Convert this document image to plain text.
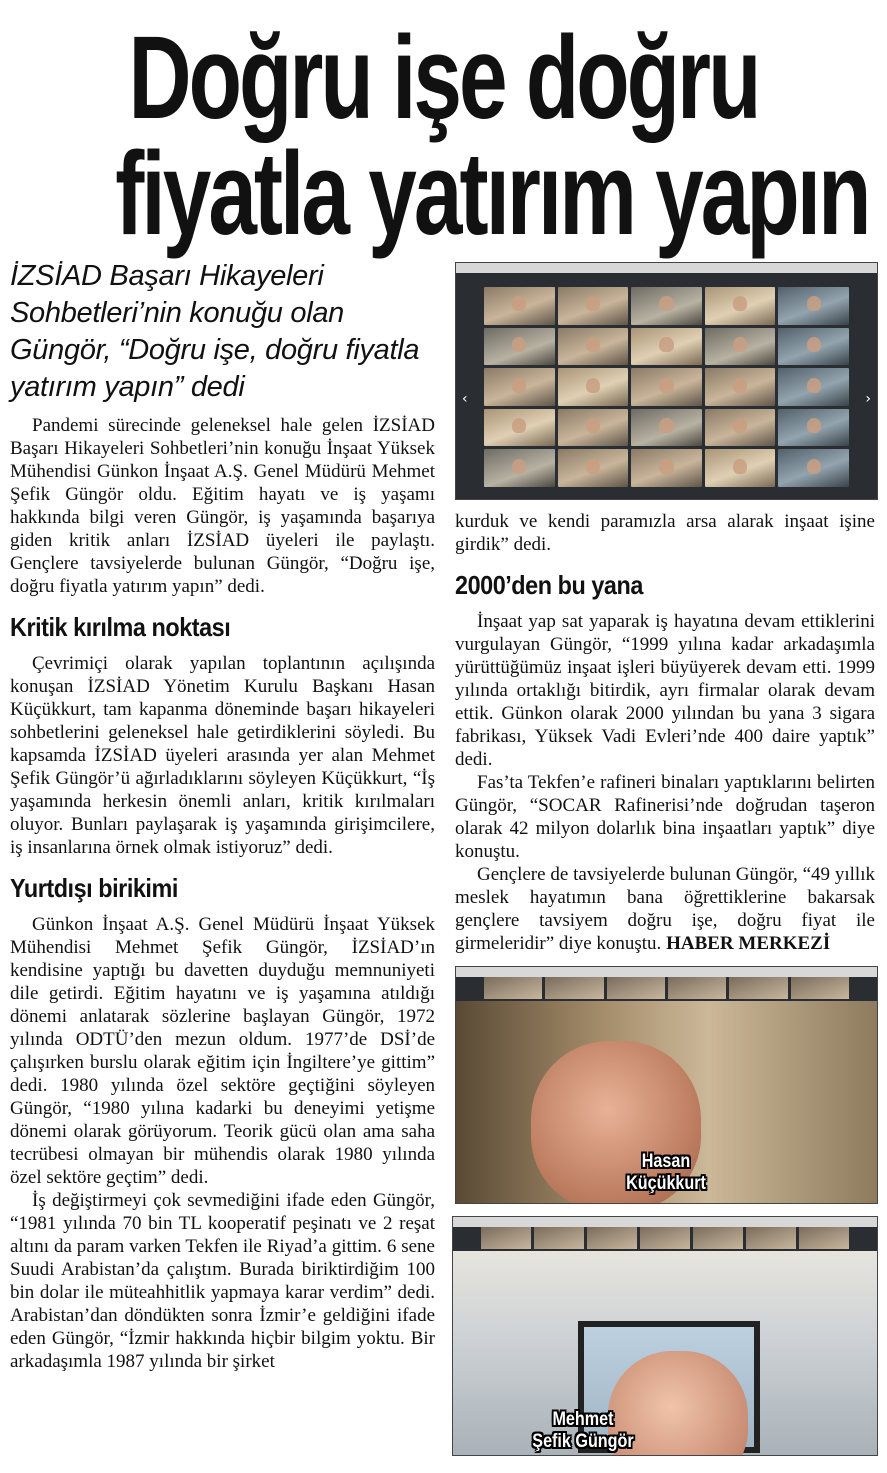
Doğru işe doğru
fiyatla yatırım yapın
İZSİAD Başarı Hikayeleri Sohbetleri’nin konuğu olan Güngör, “Doğru işe, doğru fiyatla yatırım yapın” dedi

Pandemi sürecinde geleneksel hale gelen İZSİAD Başarı Hikayeleri Sohbetleri’nin konuğu İnşaat Yüksek Mühendisi Günkon İnşaat A.Ş. Genel Müdürü Mehmet Şefik Güngör oldu. Eğitim hayatı ve iş yaşamı hakkında bilgi veren Güngör, iş yaşamında başarıya giden kritik anları İZSİAD üyeleri ile paylaştı. Gençlere tavsiyelerde bulunan Güngör, “Doğru işe, doğru fiyatla yatırım yapın” dedi.

Kritik kırılma noktası

Çevrimiçi olarak yapılan toplantının açılışında konuşan İZSİAD Yönetim Kurulu Başkanı Hasan Küçükkurt, tam kapanma döneminde başarı hikayeleri sohbetlerini geleneksel hale getirdiklerini söyledi. Bu kapsamda İZSİAD üyeleri arasında yer alan Mehmet Şefik Güngör’ü ağırladıklarını söyleyen Küçükkurt, “İş yaşamında herkesin önemli anları, kritik kırılmaları oluyor. Bunları paylaşarak iş yaşamında girişimcilere, iş insanlarına örnek olmak istiyoruz” dedi.

Yurtdışı birikimi

Günkon İnşaat A.Ş. Genel Müdürü İnşaat Yüksek Mühendisi Mehmet Şefik Güngör, İZSİAD’ın kendisine yaptığı bu davetten duyduğu memnuniyeti dile getirdi. Eğitim hayatını ve iş yaşamına atıldığı dönemi anlatarak sözlerine başlayan Güngör, 1972 yılında ODTÜ’den mezun oldum. 1977’de DSİ’de çalışırken burslu olarak eğitim için İngiltere’ye gittim” dedi. 1980 yılında özel sektöre geçtiğini söyleyen Güngör, “1980 yılına kadarki bu deneyimi yetişme dönemi olarak görüyorum. Teorik gücü olan ama saha tecrübesi olmayan bir mühendis olarak 1980 yılında özel sektöre geçtim” dedi.

İş değiştirmeyi çok sevmediğini ifade eden Güngör, “1981 yılında 70 bin TL kooperatif peşinatı ve 2 reşat altını da param varken Tekfen ile Riyad’a gittim. 6 sene Suudi Arabistan’da çalıştım. Burada biriktirdiğim 100 bin dolar ile müteahhitlik yapmaya karar verdim” dedi. Arabistan’dan döndükten sonra İzmir’e geldiğini ifade eden Güngör, “İzmir hakkında hiçbir bilgim yoktu. Bir arkadaşımla 1987 yılında bir şirket

‹	›

kurduk ve kendi paramızla arsa alarak inşaat işine girdik” dedi.

2000’den bu yana

İnşaat yap sat yaparak iş hayatına devam ettiklerini vurgulayan Güngör, “1999 yılına kadar arkadaşımla yürüttüğümüz inşaat işleri büyüyerek devam etti. 1999 yılında ortaklığı bitirdik, ayrı firmalar olarak devam ettik. Günkon olarak 2000 yılından bu yana 3 sigara fabrikası, Yüksek Vadi Evleri’nde 400 daire yaptık” dedi.

Fas’ta Tekfen’e rafineri binaları yaptıklarını belirten Güngör, “SOCAR Rafinerisi’nde doğrudan taşeron olarak 42 milyon dolarlık bina inşaatları yaptık” diye konuştu.

Gençlere de tavsiyelerde bulunan Güngör, “49 yıllık meslek hayatımın bana öğrettiklerine bakarsak gençlere tavsiyem doğru işe, doğru fiyat ile girmeleridir” diye konuştu. HABER MERKEZİ

Hasan
Küçükkurt
Mehmet
Şefik Güngör
